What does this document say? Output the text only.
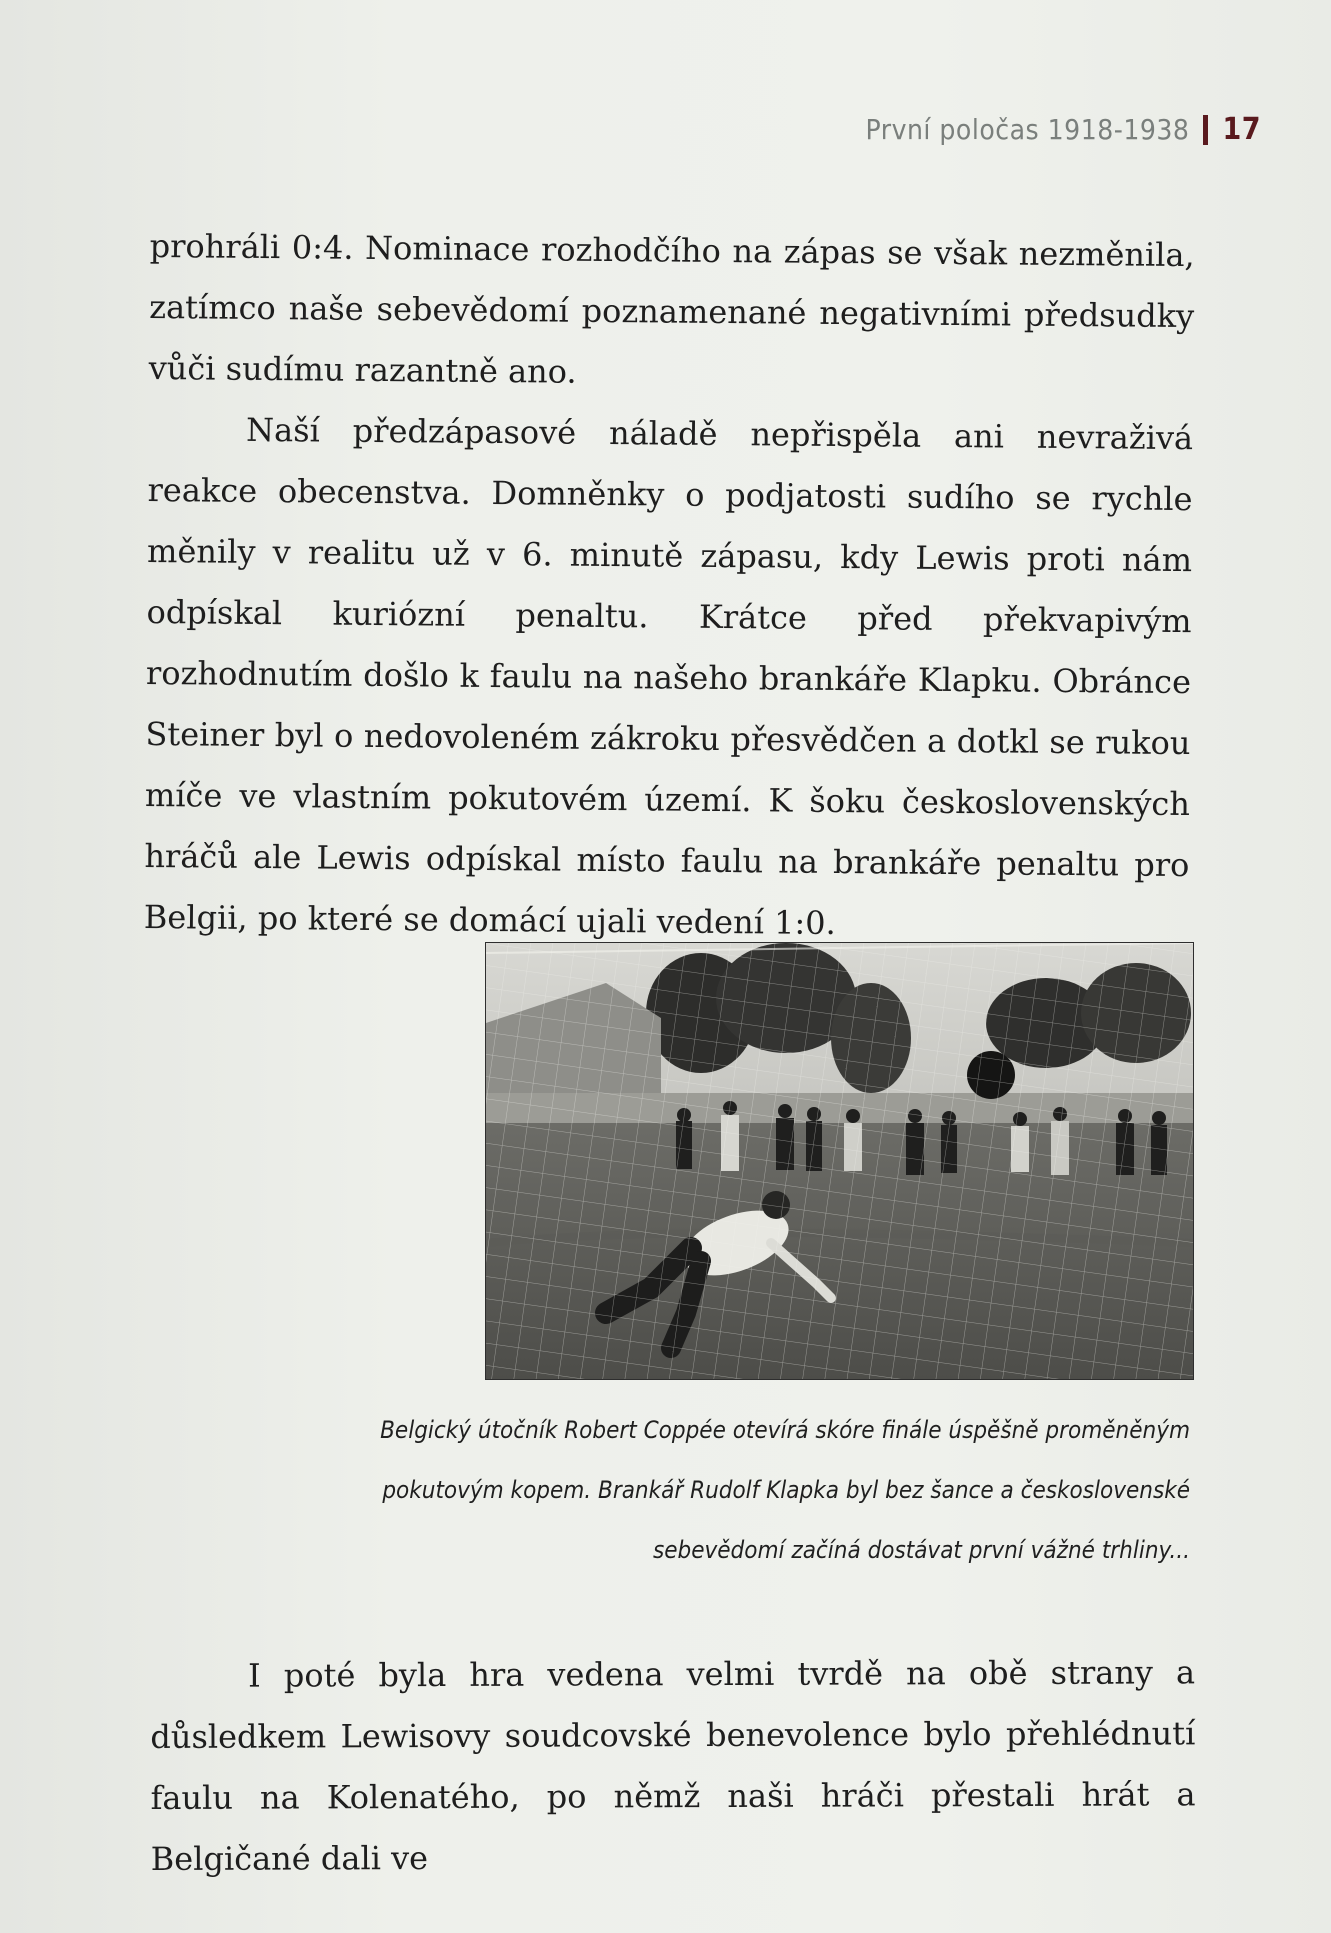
První poločas 1918-1938 17

prohráli 0:4. Nominace rozhodčího na zápas se však nezměnila, zatímco naše sebevědomí poznamenané negativními předsudky vůči sudímu razantně ano.

Naší předzápasové náladě nepřispěla ani nevraživá reakce obecenstva. Domněnky o podjatosti sudího se rychle měnily v realitu už v 6. minutě zápasu, kdy Lewis proti nám odpískal kuriózní penaltu. Krátce před překvapivým rozhodnutím došlo k faulu na našeho brankáře Klapku. Obránce Steiner byl o nedovoleném zákroku přesvědčen a dotkl se rukou míče ve vlastním pokutovém území. K šoku československých hráčů ale Lewis odpískal místo faulu na brankáře penaltu pro Belgii, po které se domácí ujali vedení 1:0.

Belgický útočník Robert Coppée otevírá skóre finále úspěšně proměněným
pokutovým kopem. Brankář Rudolf Klapka byl bez šance a československé
sebevědomí začíná dostávat první vážné trhliny...

I poté byla hra vedena velmi tvrdě na obě strany a důsledkem Lewisovy soudcovské benevolence bylo přehlédnutí faulu na Kolenatého, po němž naši hráči přestali hrát a Belgičané dali ve
